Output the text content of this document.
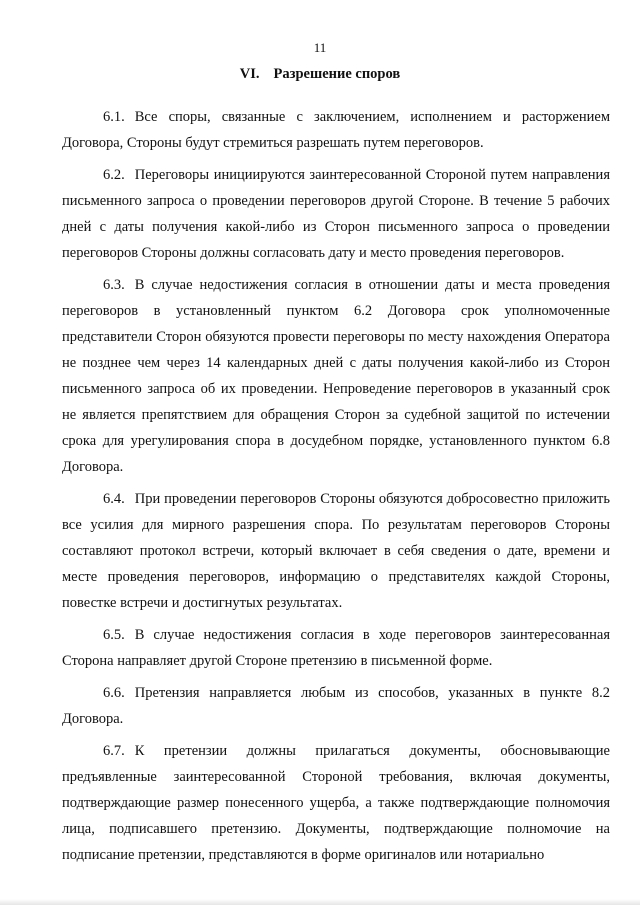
11
VI. Разрешение споров

6.1. Все споры, связанные с заключением, исполнением и расторжением Договора, Стороны будут стремиться разрешать путем переговоров.

6.2. Переговоры инициируются заинтересованной Стороной путем направления письменного запроса о проведении переговоров другой Стороне. В течение 5 рабочих дней с даты получения какой-либо из Сторон письменного запроса о проведении переговоров Стороны должны согласовать дату и место проведения переговоров.

6.3. В случае недостижения согласия в отношении даты и места проведения переговоров в установленный пунктом 6.2 Договора срок уполномоченные представители Сторон обязуются провести переговоры по месту нахождения Оператора не позднее чем через 14 календарных дней с даты получения какой-либо из Сторон письменного запроса об их проведении. Непроведение переговоров в указанный срок не является препятствием для обращения Сторон за судебной защитой по истечении срока для урегулирования спора в досудебном порядке, установленного пунктом 6.8 Договора.

6.4. При проведении переговоров Стороны обязуются добросовестно приложить все усилия для мирного разрешения спора. По результатам переговоров Стороны составляют протокол встречи, который включает в себя сведения о дате, времени и месте проведения переговоров, информацию о представителях каждой Стороны, повестке встречи и достигнутых результатах.

6.5. В случае недостижения согласия в ходе переговоров заинтересованная Сторона направляет другой Стороне претензию в письменной форме.

6.6. Претензия направляется любым из способов, указанных в пункте 8.2 Договора.

6.7. К претензии должны прилагаться документы, обосновывающие предъявленные заинтересованной Стороной требования, включая документы, подтверждающие размер понесенного ущерба, а также подтверждающие полномочия лица, подписавшего претензию. Документы, подтверждающие полномочие на подписание претензии, представляются в форме оригиналов или нотариально
